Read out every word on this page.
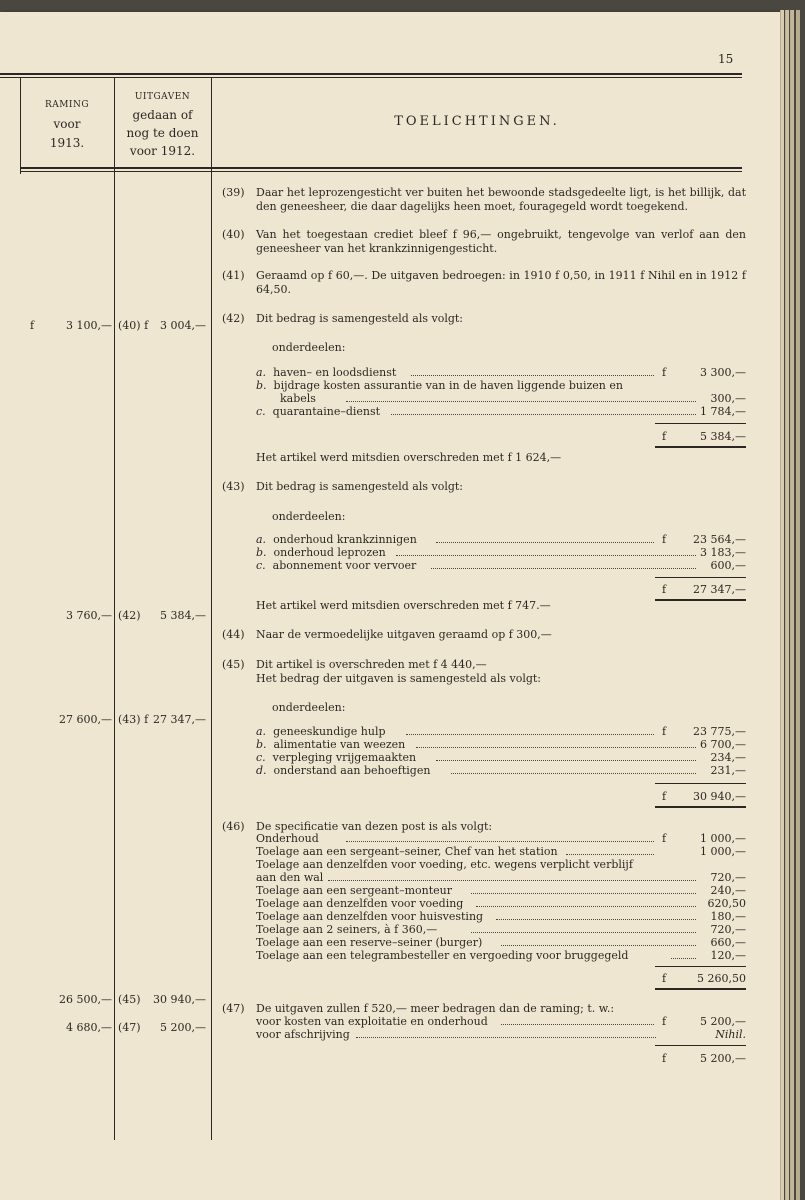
15
RAMING
voor
1913.
UITGAVEN
gedaan of
nog te doen
voor 1912.
TOELICHTINGEN.
f	3 100,— (40) f 3 004,—
3 760,— (42) 5 384,—
27 600,— (43) f 27 347,—
26 500,— (45) 30 940,—
4 680,— (47) 5 200,—
(39) Daar het leprozengesticht ver buiten het bewoonde stadsgedeelte ligt, is het billijk, dat den geneesheer, die daar dagelijks heen moet, fouragegeld wordt toegekend.
(40) Van het toegestaan crediet bleef f 96,— ongebruikt, tengevolge van verlof aan den geneesheer van het krankzinnigengesticht.
(41) Geraamd op f 60,—. De uitgaven bedroegen: in 1910 f 0,50, in 1911 f Nihil en in 1912 f 64,50.
(42) Dit bedrag is samengesteld als volgt:
onderdeelen:
a. haven– en loodsdienst	f	3 300,—
b. bijdrage kosten assurantie van in de haven liggende buizen en
kabels	300,—
c. quarantaine–dienst	1 784,—
f	5 384,—
Het artikel werd mitsdien overschreden met f 1 624,—
(43) Dit bedrag is samengesteld als volgt:
onderdeelen:
a. onderhoud krankzinnigen	f 23 564,—
b. onderhoud leprozen	3 183,—
c. abonnement voor vervoer	600,—
f 27 347,—
Het artikel werd mitsdien overschreden met f 747.—
(44) Naar de vermoedelijke uitgaven geraamd op f 300,—
(45) Dit artikel is overschreden met f 4 440,—
Het bedrag der uitgaven is samengesteld als volgt:
onderdeelen:
a. geneeskundige hulp	f 23 775,—
b. alimentatie van weezen	6 700,—
c. verpleging vrijgemaakten	234,—
d. onderstand aan behoeftigen	231,—
f 30 940,—
(46) De specificatie van dezen post is als volgt:
Onderhoud	f	1 000,—
Toelage aan een sergeant–seiner, Chef van het station	1 000,—
Toelage aan denzelfden voor voeding, etc. wegens verplicht verblijf
aan den wal	720,—
Toelage aan een sergeant–monteur	240,—
Toelage aan denzelfden voor voeding	620,50
Toelage aan denzelfden voor huisvesting	180,—
Toelage aan 2 seiners, à f 360,—	720,—
Toelage aan een reserve–seiner (burger)	660,—
Toelage aan een telegrambesteller en vergoeding voor bruggegeld	120,—
f	5 260,50
(47) De uitgaven zullen f 520,— meer bedragen dan de raming; t. w.:
voor kosten van exploitatie en onderhoud	f	5 200,—
voor afschrijving	Nihil.
f	5 200,—
